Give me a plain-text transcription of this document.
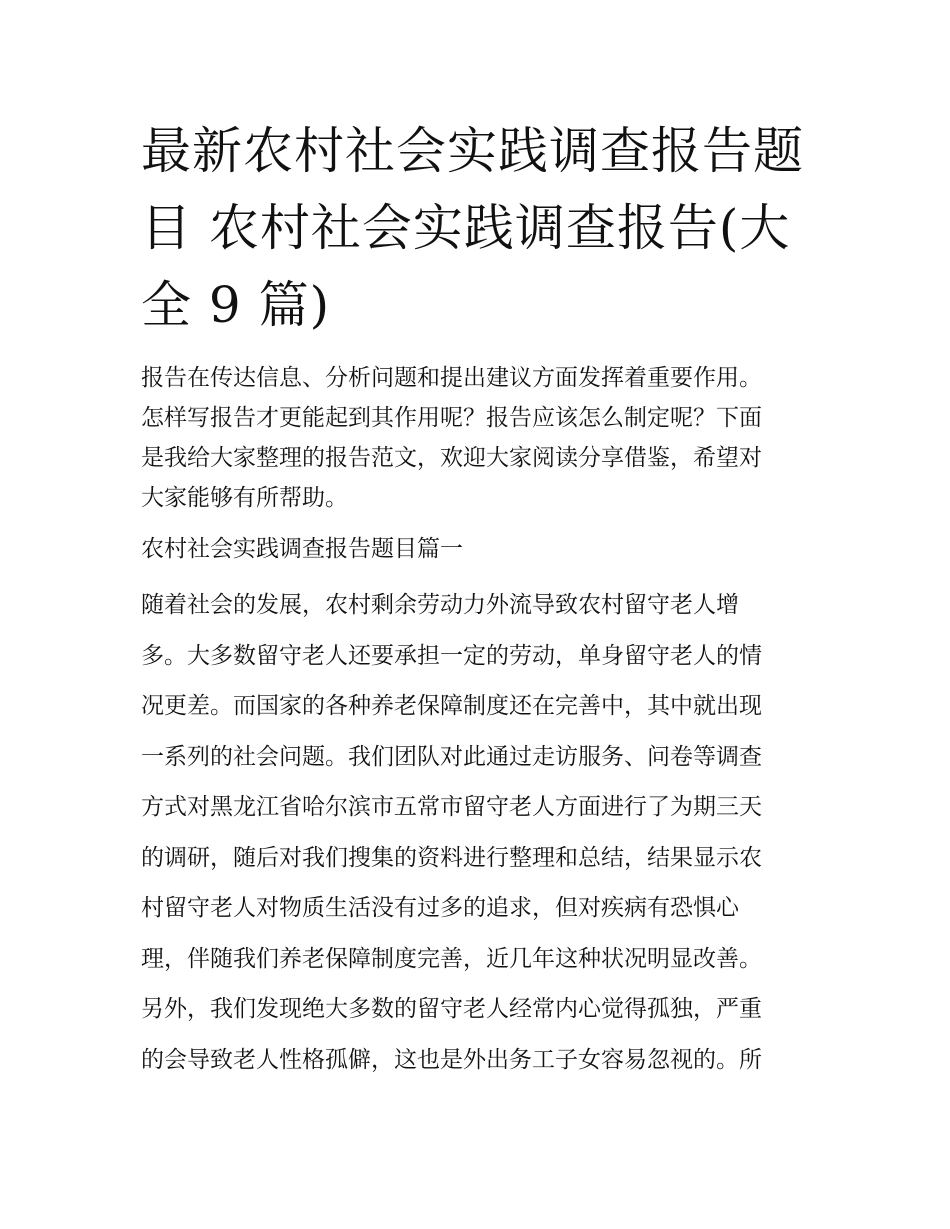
最新农村社会实践调查报告题
目 农村社会实践调查报告(大
全 9 篇)
报告在传达信息、分析问题和提出建议方面发挥着重要作用。
怎样写报告才更能起到其作用呢？报告应该怎么制定呢？下面
是我给大家整理的报告范文，欢迎大家阅读分享借鉴，希望对
大家能够有所帮助。
农村社会实践调查报告题目篇一
随着社会的发展，农村剩余劳动力外流导致农村留守老人增
多。大多数留守老人还要承担一定的劳动，单身留守老人的情
况更差。而国家的各种养老保障制度还在完善中，其中就出现
一系列的社会问题。我们团队对此通过走访服务、问卷等调查
方式对黑龙江省哈尔滨市五常市留守老人方面进行了为期三天
的调研，随后对我们搜集的资料进行整理和总结，结果显示农
村留守老人对物质生活没有过多的追求，但对疾病有恐惧心
理，伴随我们养老保障制度完善，近几年这种状况明显改善。
另外，我们发现绝大多数的留守老人经常内心觉得孤独，严重
的会导致老人性格孤僻，这也是外出务工子女容易忽视的。所
